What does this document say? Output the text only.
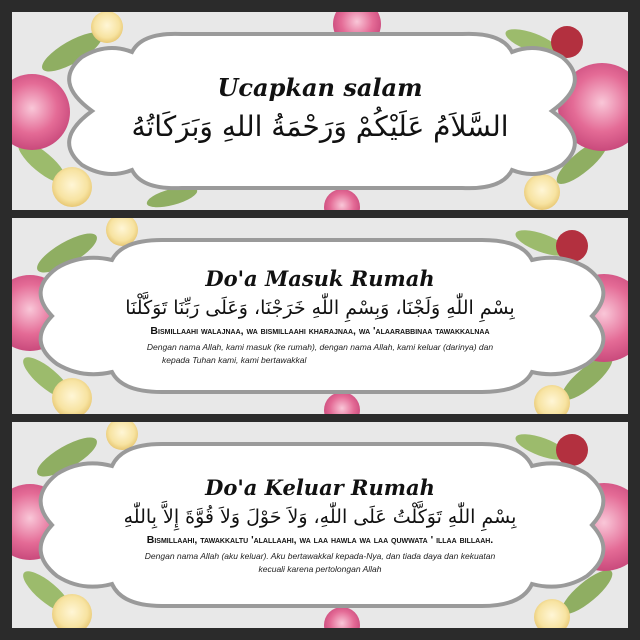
Ucapkan salam
السَّلاَمُ عَلَيْكُمْ وَرَحْمَةُ اللهِ وَبَرَكَاتُهُ
Do'a Masuk Rumah
بِسْمِ اللّٰهِ وَلَجْنَا، وَبِسْمِ اللّٰهِ خَرَجْنَا، وَعَلَى رَبِّنَا تَوَكَّلْنَا
Bismillaahi walajnaa, wa bismillaahi kharajnaa, wa 'alaarabbinaa tawakkalnaa
Dengan nama Allah, kami masuk (ke rumah), dengan nama Allah, kami keluar (darinya) dan
kepada Tuhan kami, kami bertawakkal
Do'a Keluar Rumah
بِسْمِ اللّٰهِ تَوَكَّلْتُ عَلَى اللّٰهِ، وَلاَ حَوْلَ وَلاَ قُوَّةَ إِلاَّ بِاللّٰهِ
Bismillaahi, tawakkaltu 'alallaahi, wa laa hawla wa laa quwwata ' illaa billaah.
Dengan nama Allah (aku keluar). Aku bertawakkal kepada-Nya, dan tiada daya dan kekuatan
kecuali karena pertolongan Allah
